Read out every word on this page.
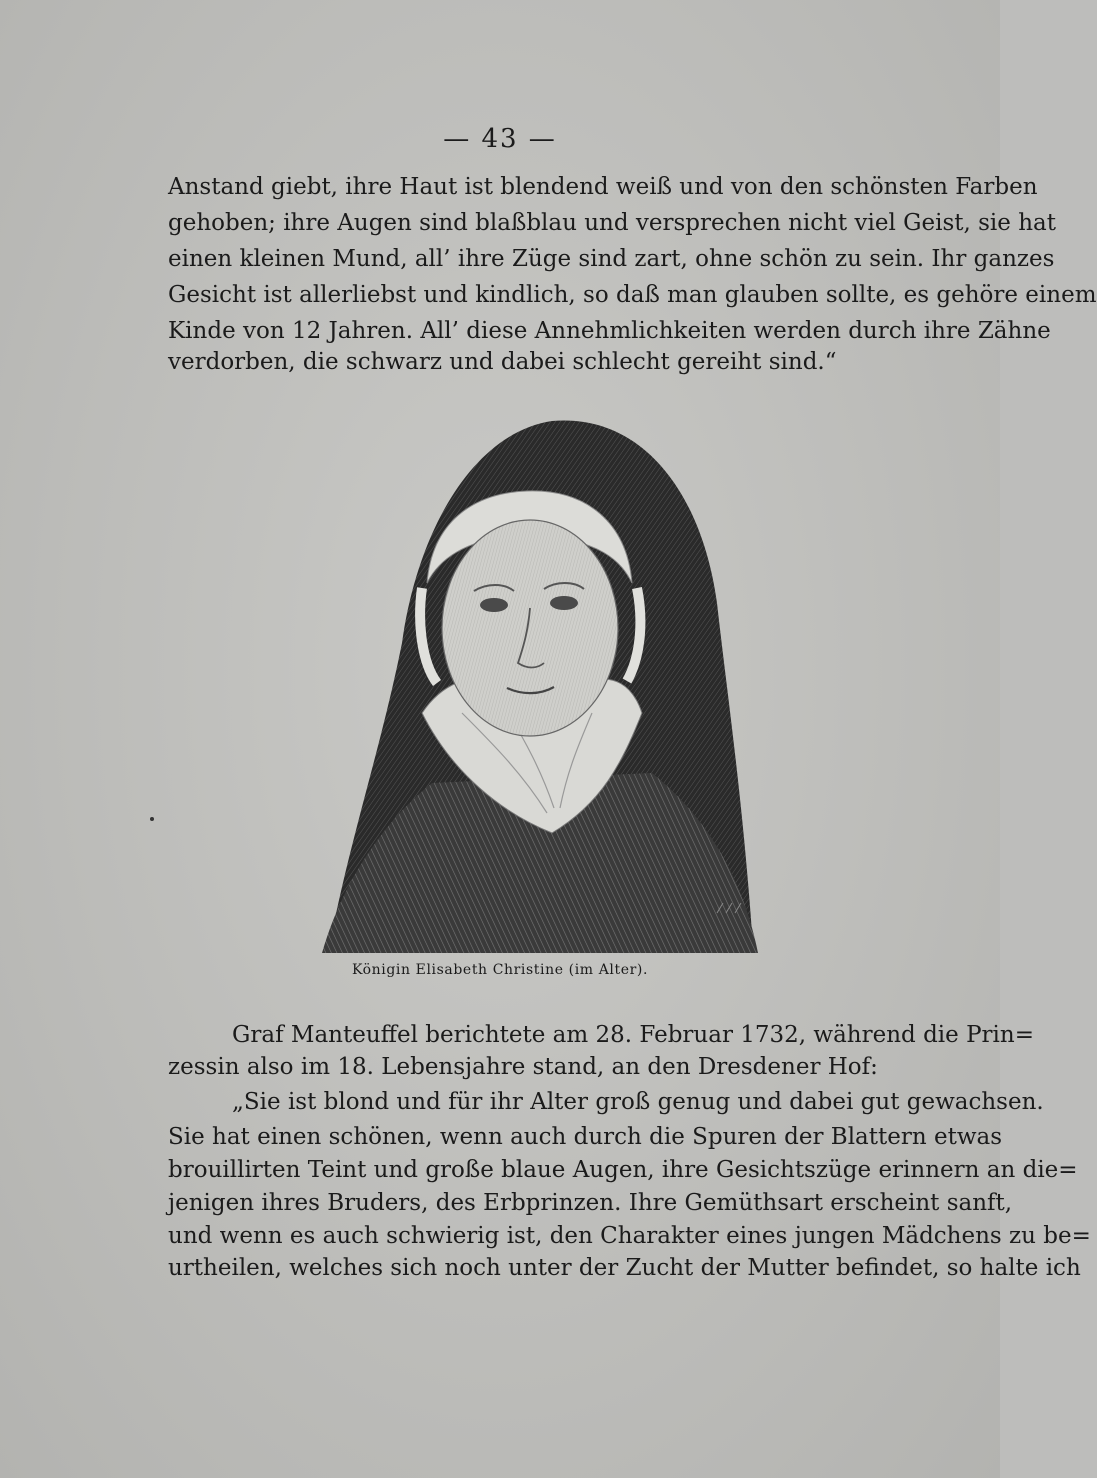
— 43 —
Anstand giebt, ihre Haut ist blendend weiß und von den schönsten Farben
gehoben; ihre Augen sind blaßblau und versprechen nicht viel Geist, sie hat
einen kleinen Mund, all’ ihre Züge sind zart, ohne schön zu sein. Ihr ganzes
Gesicht ist allerliebst und kindlich, so daß man glauben sollte, es gehöre einem
Kinde von 12 Jahren. All’ diese Annehmlichkeiten werden durch ihre Zähne
verdorben, die schwarz und dabei schlecht gereiht sind.“
Königin Elisabeth Christine (im Alter).
Graf Manteuffel berichtete am 28. Februar 1732, während die Prin=
zessin also im 18. Lebensjahre stand, an den Dresdener Hof:
„Sie ist blond und für ihr Alter groß genug und dabei gut gewachsen.
Sie hat einen schönen, wenn auch durch die Spuren der Blattern etwas
brouillirten Teint und große blaue Augen, ihre Gesichtszüge erinnern an die=
jenigen ihres Bruders, des Erbprinzen. Ihre Gemüthsart erscheint sanft,
und wenn es auch schwierig ist, den Charakter eines jungen Mädchens zu be=
urtheilen, welches sich noch unter der Zucht der Mutter befindet, so halte ich
